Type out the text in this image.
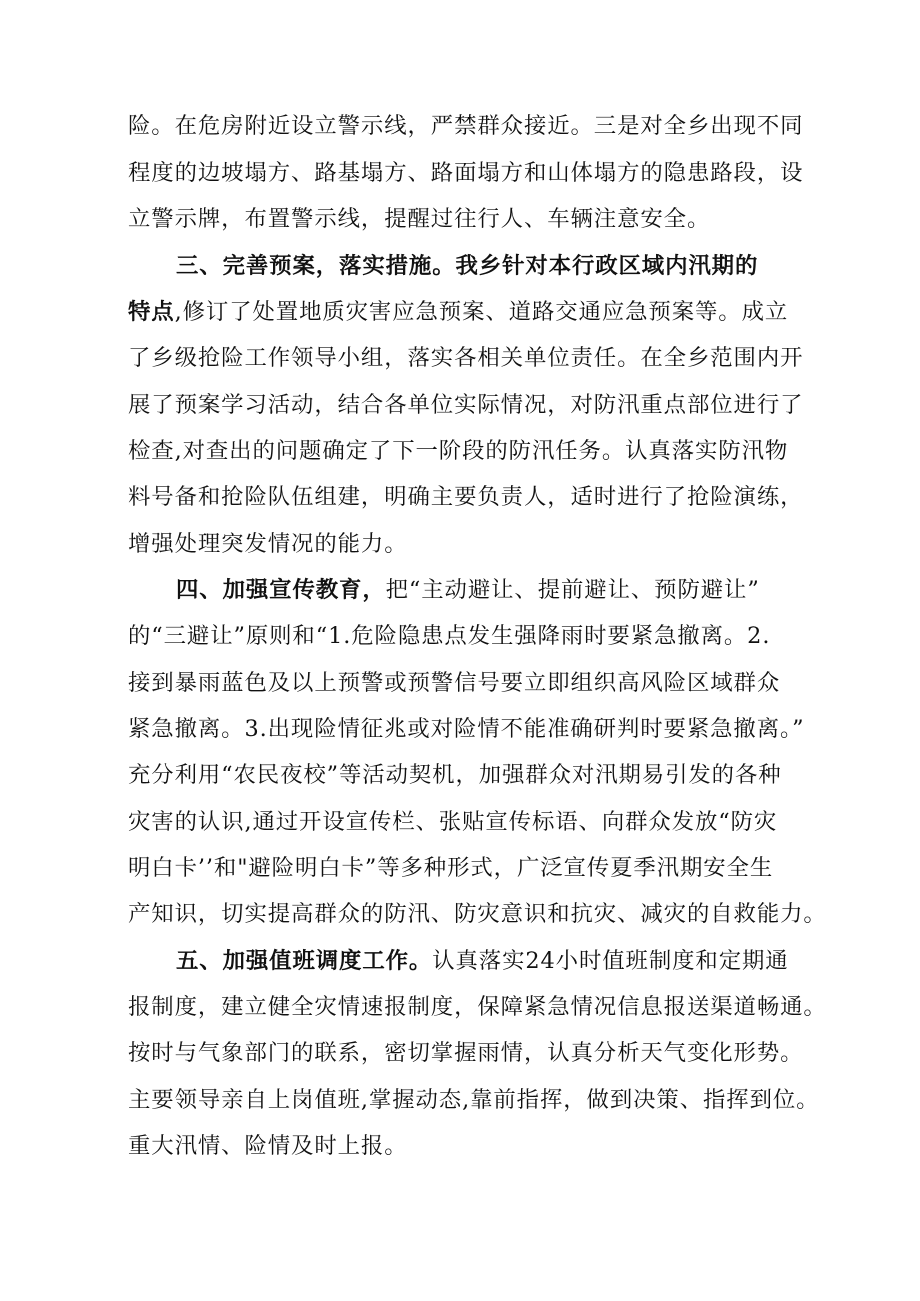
险。在危房附近设立警示线，严禁群众接近。三是对全乡出现不同

程度的边坡塌方、路基塌方、路面塌方和山体塌方的隐患路段，设

立警示牌，布置警示线，提醒过往行人、车辆注意安全。

三、完善预案，落实措施。我乡针对本行政区域内汛期的

特点,修订了处置地质灾害应急预案、道路交通应急预案等。成立

了乡级抢险工作领导小组，落实各相关单位责任。在全乡范围内开

展了预案学习活动，结合各单位实际情况，对防汛重点部位进行了

检查,对查出的问题确定了下一阶段的防汛任务。认真落实防汛物

料号备和抢险队伍组建，明确主要负责人，适时进行了抢险演练，

增强处理突发情况的能力。

四、加强宣传教育，把“主动避让、提前避让、预防避让”

的“三避让”原则和“1.危险隐患点发生强降雨时要紧急撤离。2.

接到暴雨蓝色及以上预警或预警信号要立即组织高风险区域群众

紧急撤离。3.出现险情征兆或对险情不能准确研判时要紧急撤离。”

充分利用“农民夜校”等活动契机，加强群众对汛期易引发的各种

灾害的认识,通过开设宣传栏、张贴宣传标语、向群众发放“防灾

明白卡’’和"避险明白卡”等多种形式，广泛宣传夏季汛期安全生

产知识，切实提高群众的防汛、防灾意识和抗灾、减灾的自救能力。

五、加强值班调度工作。认真落实24小时值班制度和定期通

报制度，建立健全灾情速报制度，保障紧急情况信息报送渠道畅通。

按时与气象部门的联系，密切掌握雨情，认真分析天气变化形势。

主要领导亲自上岗值班,掌握动态,靠前指挥，做到决策、指挥到位。

重大汛情、险情及时上报。
